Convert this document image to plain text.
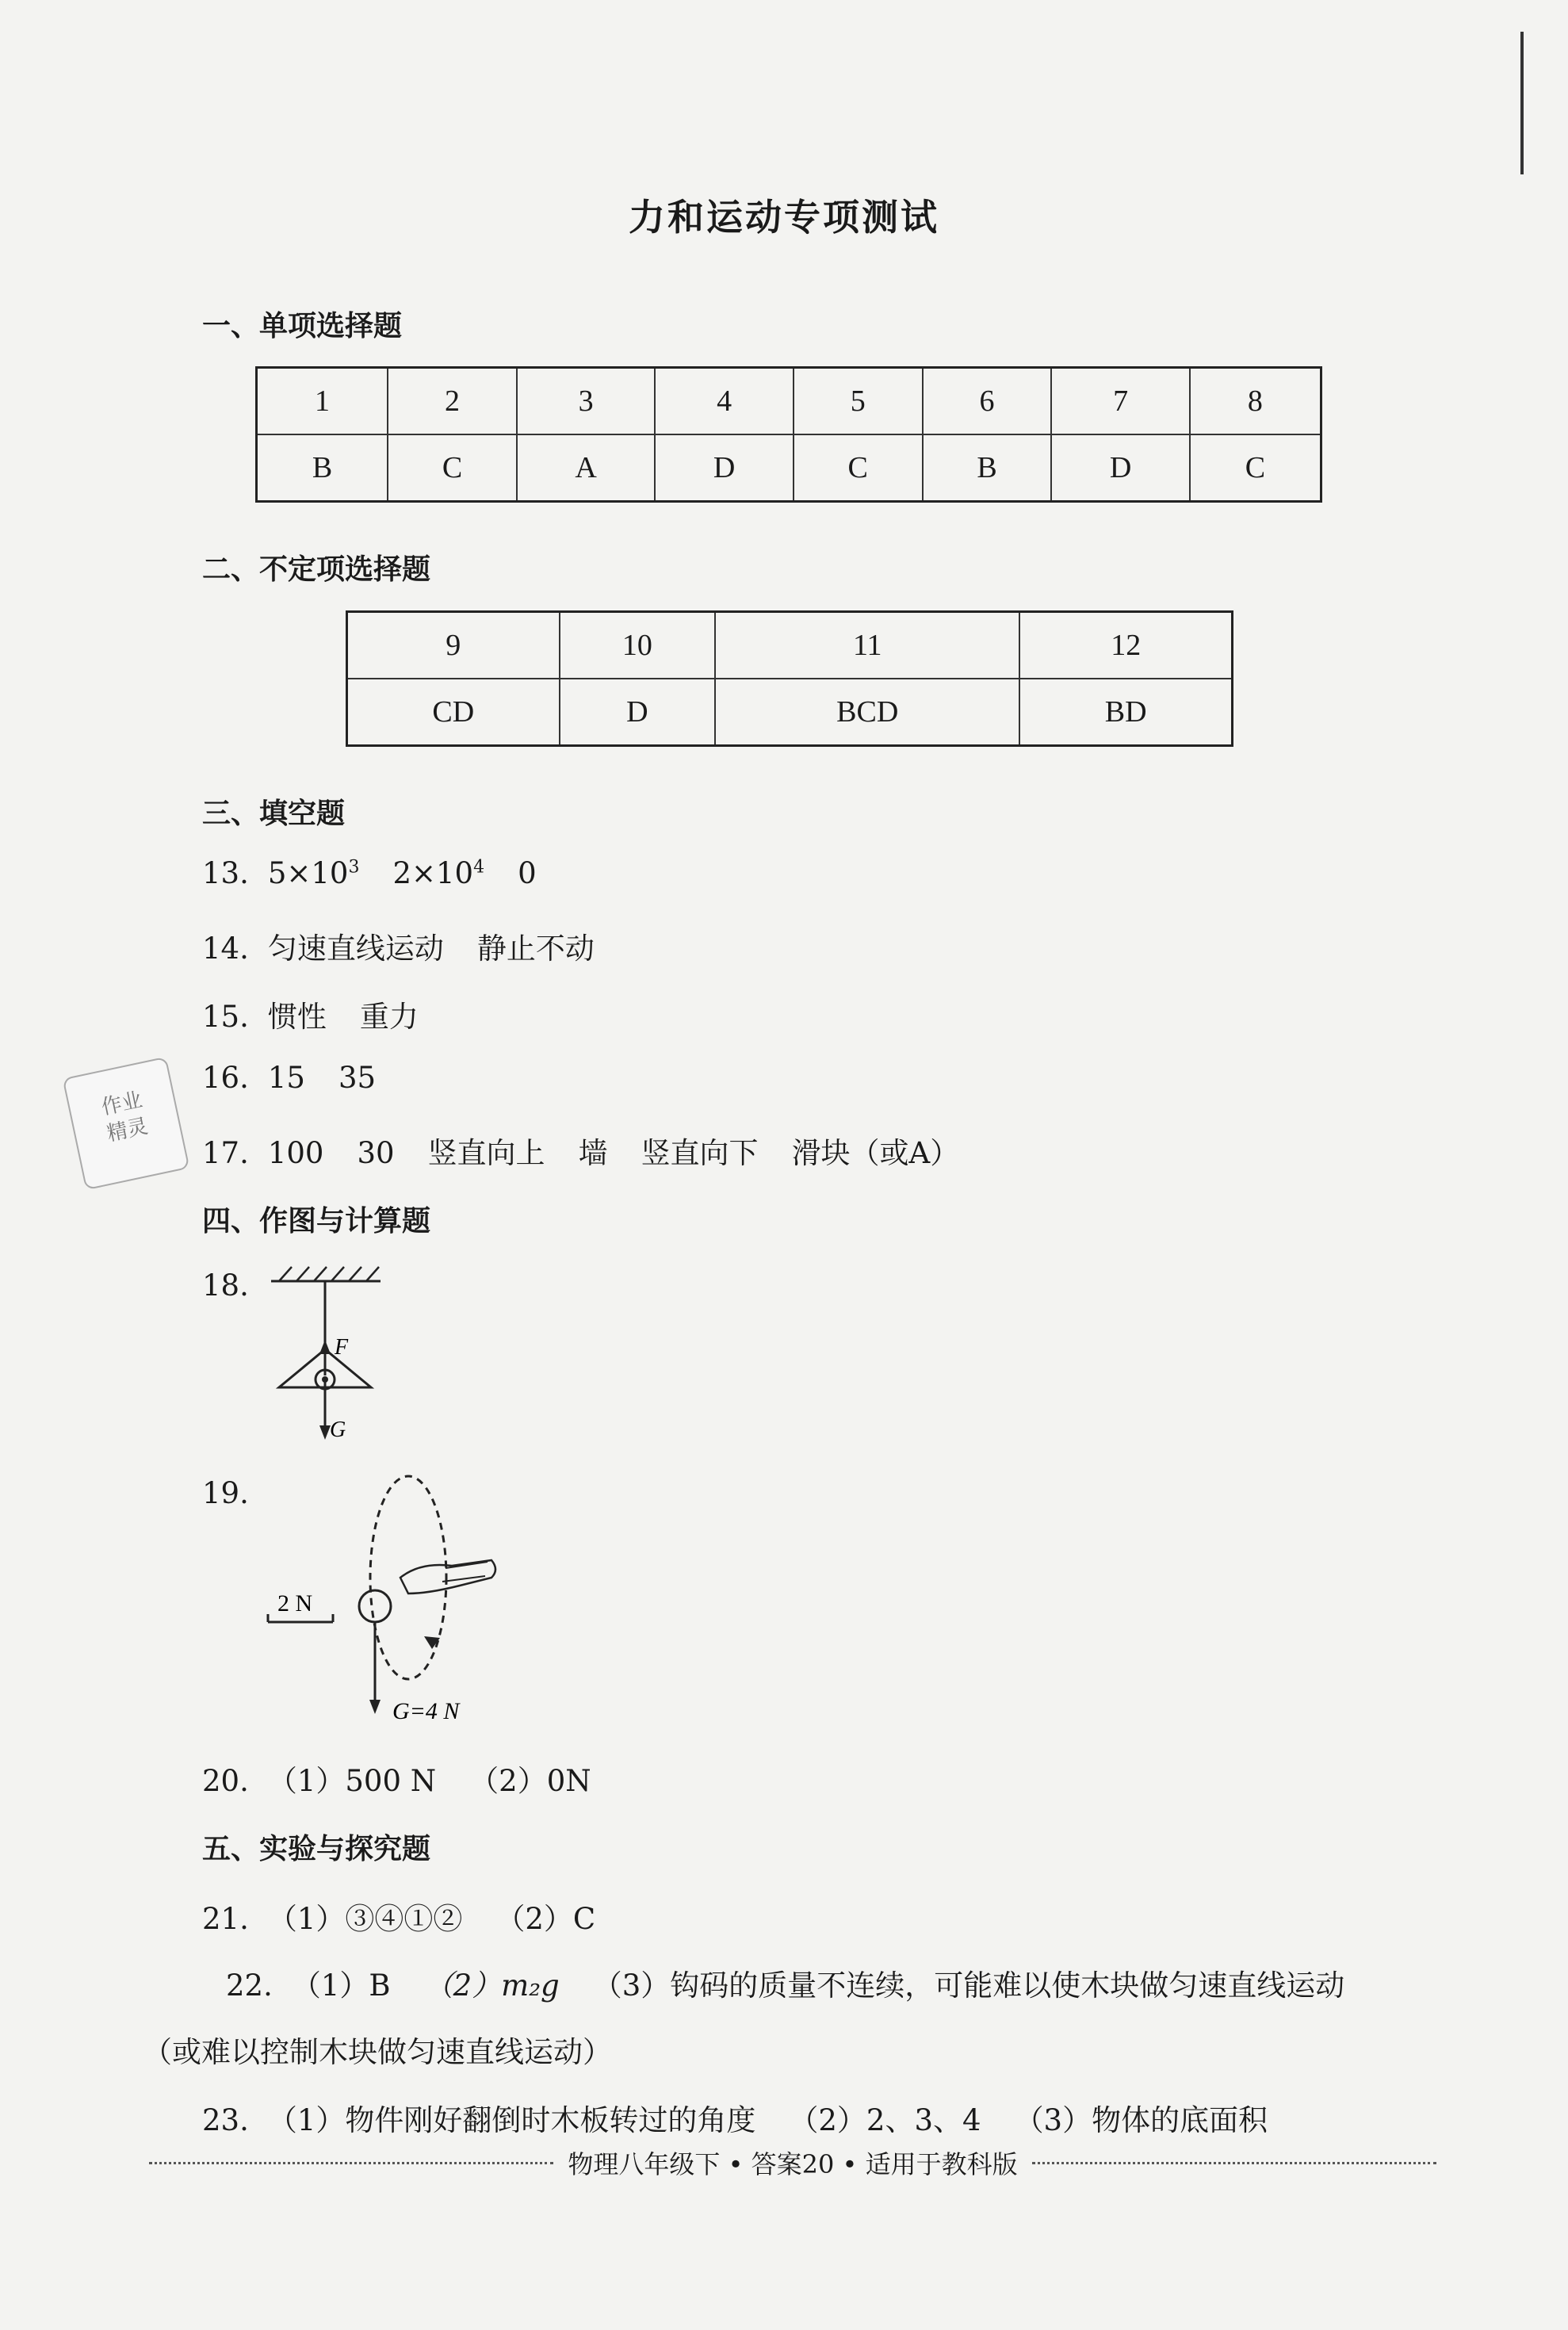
力和运动专项测试
一、单项选择题
1	2	3	4	5	6	7	8
B	C	A	D	C	B	D	C
二、不定项选择题
9	10	11	12
CD	D	BCD	BD
三、填空题
13. $5\times 10^3$ $2\times 10^4$ 0
14. 匀速直线运动 静止不动
15. 惯性 重力
16. 15 35
17. 100 30 竖直向上 墙 竖直向下 滑块（或A）
作业精灵
四、作图与计算题
18.
F
G
19.
2 N
G=4 N
20. （1）500 N （2）0N
五、实验与探究题
21. （1）③④①② （2）C
22. （1）B （2）m₂g （3）钩码的质量不连续，可能难以使木块做匀速直线运动
（或难以控制木块做匀速直线运动）
23. （1）物件刚好翻倒时木板转过的角度 （2）2、3、4 （3）物体的底面积
物理八年级下 • 答案20 • 适用于教科版
